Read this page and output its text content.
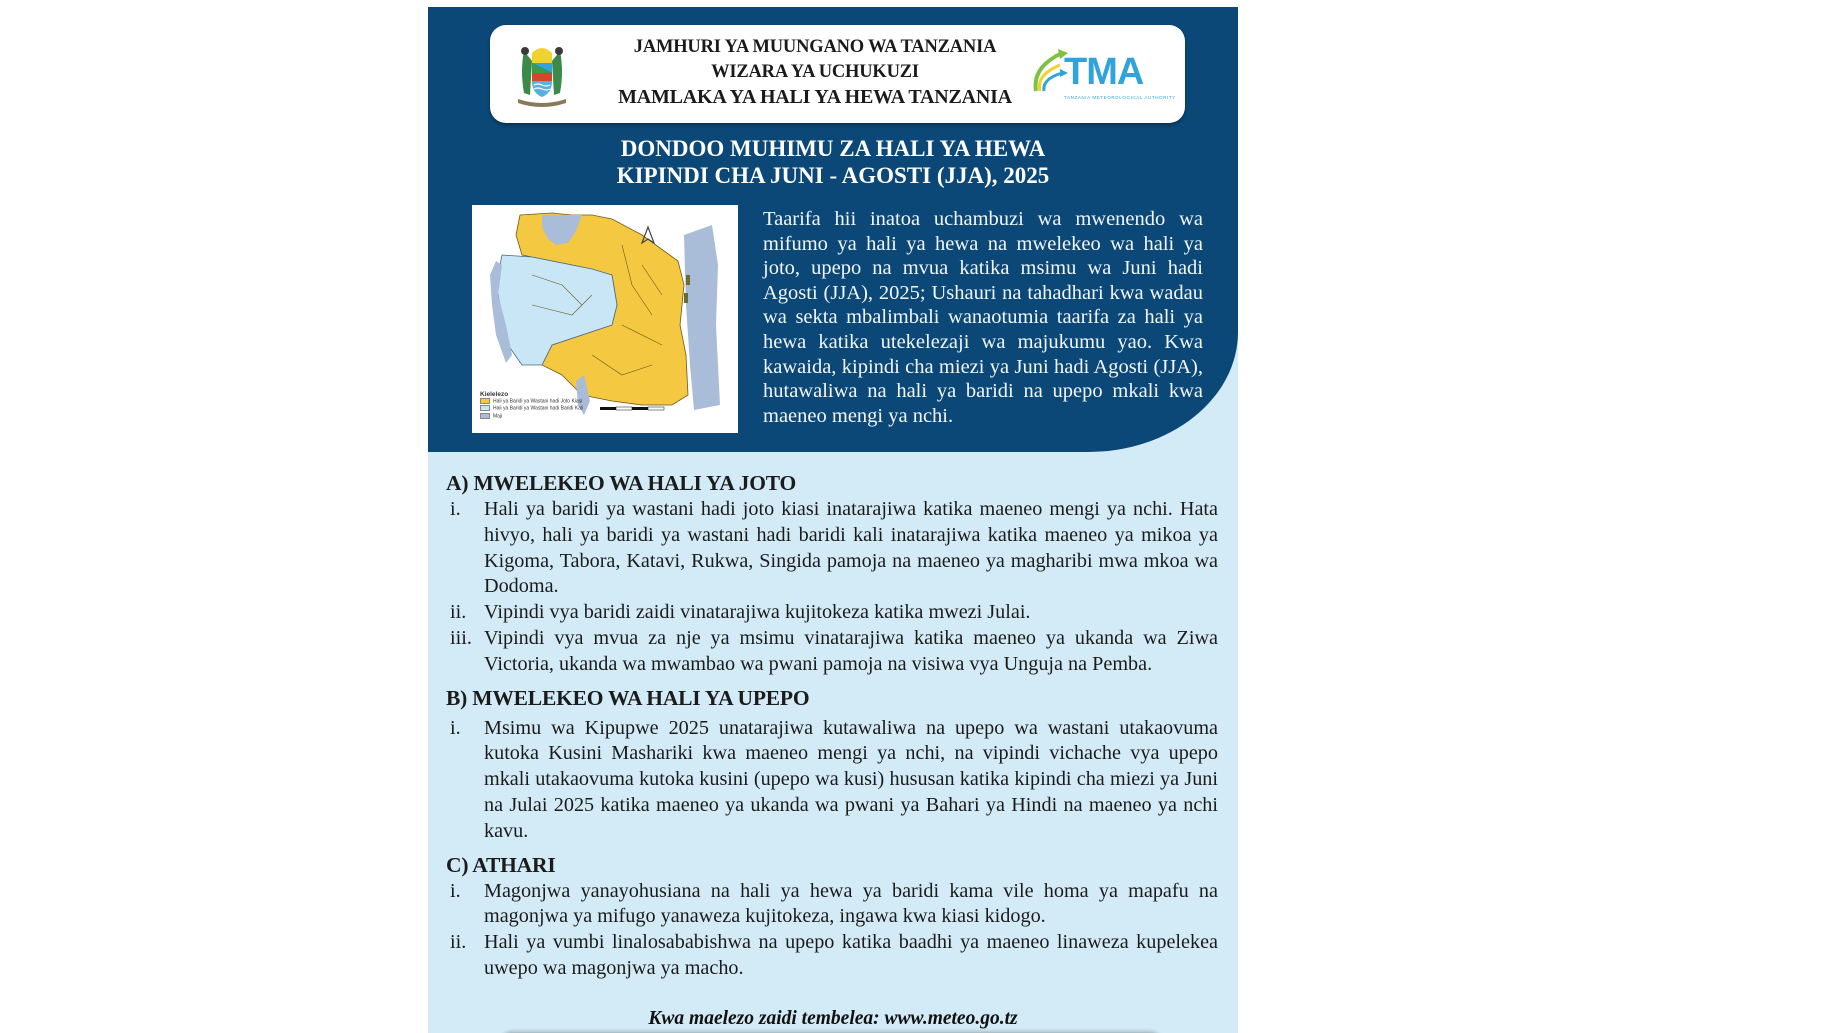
JAMHURI YA MUUNGANO WA TANZANIA
WIZARA YA UCHUKUZI
MAMLAKA YA HALI YA HEWA TANZANIA
TMA
TANZANIA METEOROLOGICAL AUTHORITY
DONDOO MUHIMU ZA HALI YA HEWA
KIPINDI CHA JUNI - AGOSTI (JJA), 2025
Kielelezo
Hali ya Baridi ya Wastani hadi Joto Kiasi
Hali ya Baridi ya Wastani hadi Baridi Kali
Maji
Taarifa hii inatoa uchambuzi wa mwenendo wa mifumo ya hali ya hewa na mwelekeo wa hali ya joto, upepo na mvua katika msimu wa Juni hadi Agosti (JJA), 2025; Ushauri na tahadhari kwa wadau wa sekta mbalimbali wanaotumia taarifa za hali ya hewa katika utekelezaji wa majukumu yao. Kwa kawaida, kipindi cha miezi ya Juni hadi Agosti (JJA), hutawaliwa na hali ya baridi na upepo mkali kwa maeneo mengi ya nchi.
A) MWELEKEO WA HALI YA JOTO
i.	Hali ya baridi ya wastani hadi joto kiasi inatarajiwa katika maeneo mengi ya nchi. Hata hivyo, hali ya baridi ya wastani hadi baridi kali inatarajiwa katika maeneo ya mikoa ya Kigoma, Tabora, Katavi, Rukwa, Singida pamoja na maeneo ya magharibi mwa mkoa wa Dodoma.
ii. Vipindi vya baridi zaidi vinatarajiwa kujitokeza katika mwezi Julai.
iii. Vipindi vya mvua za nje ya msimu vinatarajiwa katika maeneo ya ukanda wa Ziwa Victoria, ukanda wa mwambao wa pwani pamoja na visiwa vya Unguja na Pemba.
B) MWELEKEO WA HALI YA UPEPO
i.	Msimu wa Kipupwe 2025 unatarajiwa kutawaliwa na upepo wa wastani utakaovuma kutoka Kusini Mashariki kwa maeneo mengi ya nchi, na vipindi vichache vya upepo mkali utakaovuma kutoka kusini (upepo wa kusi) hususan katika kipindi cha miezi ya Juni na Julai 2025 katika maeneo ya ukanda wa pwani ya Bahari ya Hindi na maeneo ya nchi kavu.
C) ATHARI
i.	Magonjwa yanayohusiana na hali ya hewa ya baridi kama vile homa ya mapafu na magonjwa ya mifugo yanaweza kujitokeza, ingawa kwa kiasi kidogo.
ii. Hali ya vumbi linalosababishwa na upepo katika baadhi ya maeneo linaweza kupelekea uwepo wa magonjwa ya macho.
Kwa maelezo zaidi tembelea: www.meteo.go.tz
